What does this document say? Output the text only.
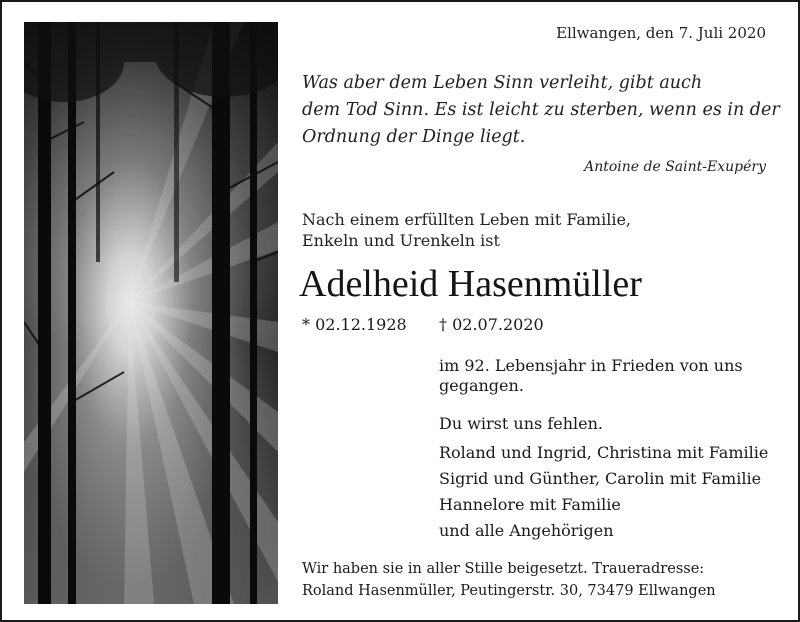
Ellwangen, den 7. Juli 2020
Was aber dem Leben Sinn verleiht, gibt auch
dem Tod Sinn. Es ist leicht zu sterben, wenn es in der
Ordnung der Dinge liegt.
Antoine de Saint-Exupéry
Nach einem erfüllten Leben mit Familie,
Enkeln und Urenkeln ist
Adelheid Hasenmüller
* 02.12.1928 † 02.07.2020
im 92. Lebensjahr in Frieden von uns gegangen.
Du wirst uns fehlen.
Roland und Ingrid, Christina mit Familie
Sigrid und Günther, Carolin mit Familie
Hannelore mit Familie
und alle Angehörigen
Wir haben sie in aller Stille beigesetzt. Traueradresse:
Roland Hasenmüller, Peutingerstr. 30, 73479 Ellwangen
